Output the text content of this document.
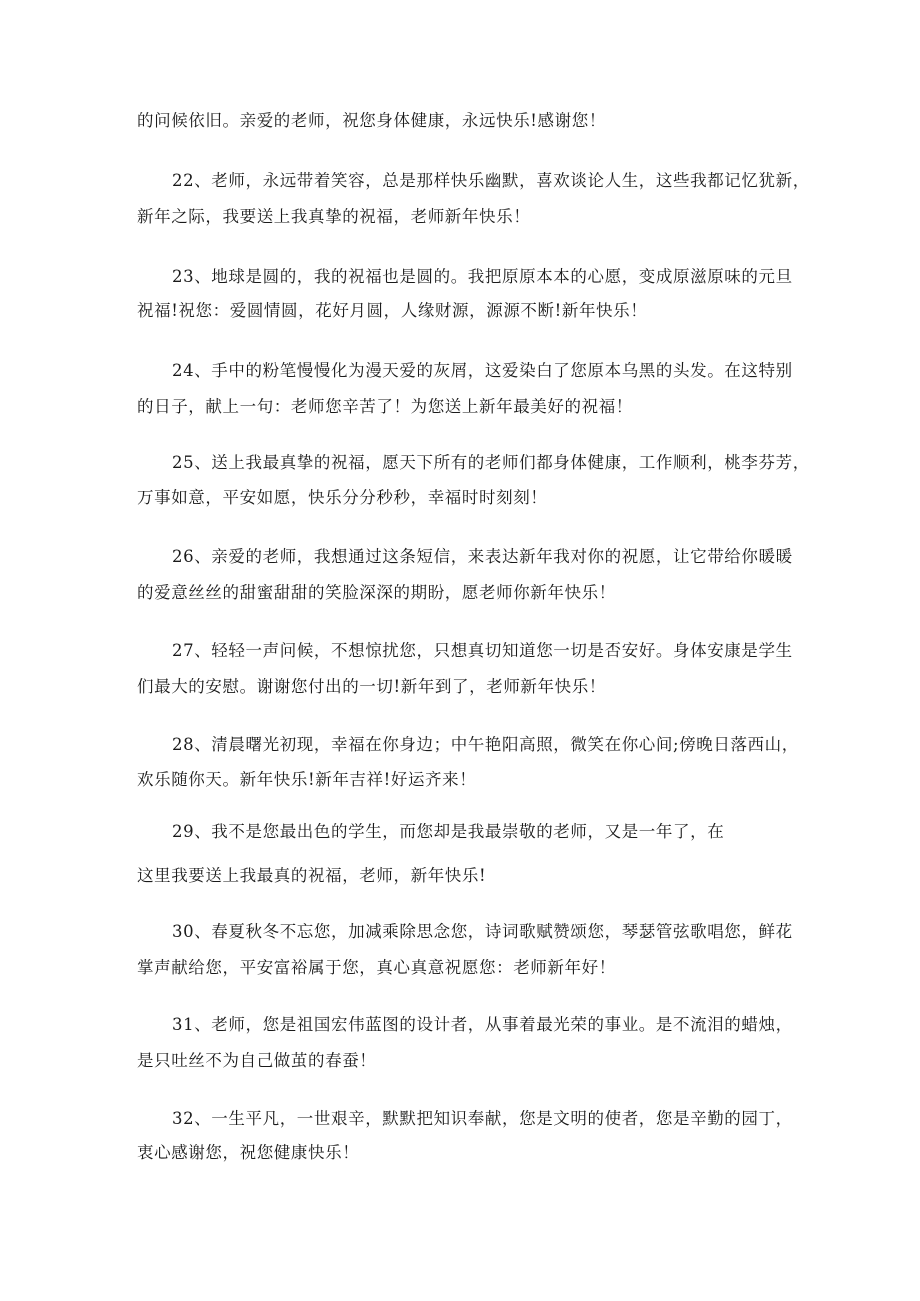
的问候依旧。亲爱的老师，祝您身体健康，永远快乐!感谢您！
22、老师，永远带着笑容，总是那样快乐幽默，喜欢谈论人生，这些我都记忆犹新，
新年之际，我要送上我真挚的祝福，老师新年快乐！
23、地球是圆的，我的祝福也是圆的。我把原原本本的心愿，变成原滋原味的元旦
祝福!祝您：爱圆情圆，花好月圆，人缘财源，源源不断!新年快乐！
24、手中的粉笔慢慢化为漫天爱的灰屑，这爱染白了您原本乌黑的头发。在这特别
的日子，献上一句：老师您辛苦了！为您送上新年最美好的祝福！
25、送上我最真挚的祝福，愿天下所有的老师们都身体健康，工作顺利，桃李芬芳，
万事如意，平安如愿，快乐分分秒秒，幸福时时刻刻！
26、亲爱的老师，我想通过这条短信，来表达新年我对你的祝愿，让它带给你暖暖
的爱意丝丝的甜蜜甜甜的笑脸深深的期盼，愿老师你新年快乐！
27、轻轻一声问候，不想惊扰您，只想真切知道您一切是否安好。身体安康是学生
们最大的安慰。谢谢您付出的一切!新年到了，老师新年快乐！
28、清晨曙光初现，幸福在你身边；中午艳阳高照，微笑在你心间;傍晚日落西山，
欢乐随你天。新年快乐!新年吉祥!好运齐来！
29、我不是您最出色的学生，而您却是我最崇敬的老师，又是一年了，在
这里我要送上我最真的祝福，老师，新年快乐!
30、春夏秋冬不忘您，加减乘除思念您，诗词歌赋赞颂您，琴瑟管弦歌唱您，鲜花
掌声献给您，平安富裕属于您，真心真意祝愿您：老师新年好！
31、老师，您是祖国宏伟蓝图的设计者，从事着最光荣的事业。是不流泪的蜡烛，
是只吐丝不为自己做茧的春蚕！
32、一生平凡，一世艰辛，默默把知识奉献，您是文明的使者，您是辛勤的园丁，
衷心感谢您，祝您健康快乐！
